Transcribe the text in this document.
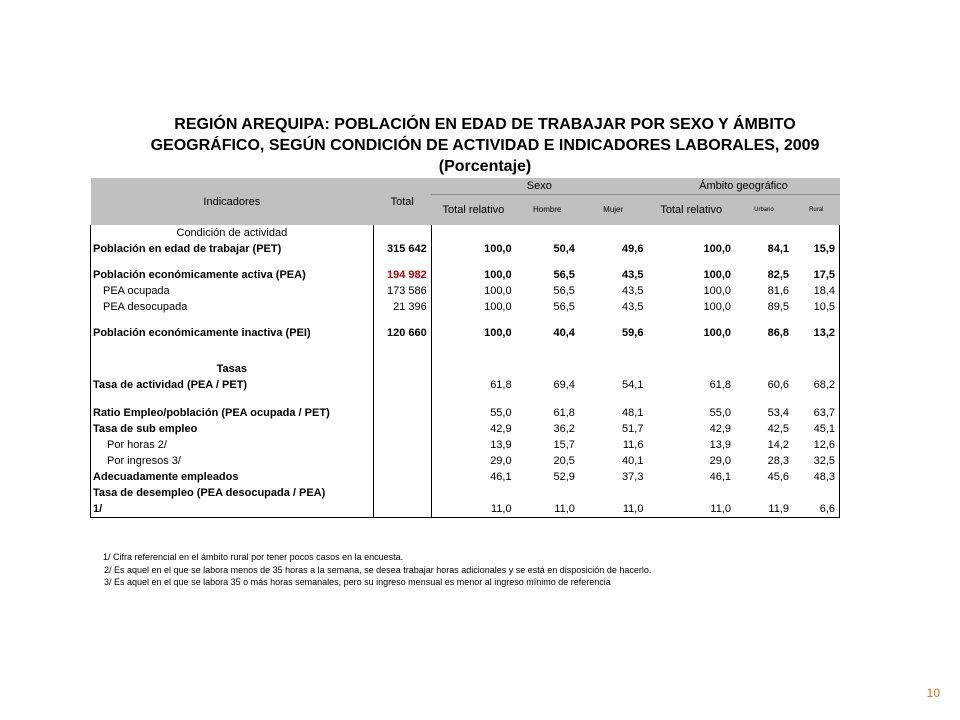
REGIÓN AREQUIPA: POBLACIÓN EN EDAD DE TRABAJAR POR SEXO Y ÁMBITO
GEOGRÁFICO, SEGÚN CONDICIÓN DE ACTIVIDAD E INDICADORES LABORALES, 2009
(Porcentaje)
Indicadores	Total	Sexo			Ámbito geográfico		
		Total relativo	Hombre	Mujer	Total relativo	Urbano	Rural
Condición de actividad							
Población en edad de trabajar (PET)	315 642	100,0	50,4	49,6	100,0	84,1	15,9

Población económicamente activa (PEA)	194 982	100,0	56,5	43,5	100,0	82,5	17,5
PEA ocupada	173 586	100,0	56,5	43,5	100,0	81,6	18,4
PEA desocupada	21 396	100,0	56,5	43,5	100,0	89,5	10,5

Población económicamente inactiva (PEI)	120 660	100,0	40,4	59,6	100,0	86,8	13,2

Tasas							
Tasa de actividad (PEA / PET)		61,8	69,4	54,1	61,8	60,6	68,2

Ratio Empleo/población (PEA ocupada / PET)		55,0	61,8	48,1	55,0	53,4	63,7
Tasa de sub empleo		42,9	36,2	51,7	42,9	42,5	45,1
Por horas 2/		13,9	15,7	11,6	13,9	14,2	12,6
Por ingresos 3/		29,0	20,5	40,1	29,0	28,3	32,5
Adecuadamente empleados		46,1	52,9	37,3	46,1	45,6	48,3
Tasa de desempleo (PEA desocupada / PEA)							
1/		11,0	11,0	11,0	11,0	11,9	6,6
1/ Cifra referencial en el ámbito rural por tener pocos casos en la encuesta.
2/ Es aquel en el que se labora menos de 35 horas a la semana, se desea trabajar horas adicionales y se está en disposición de hacerlo.
3/ Es aquel en el que se labora 35 o más horas semanales, pero su ingreso mensual es menor al ingreso mínimo de referencia
10
